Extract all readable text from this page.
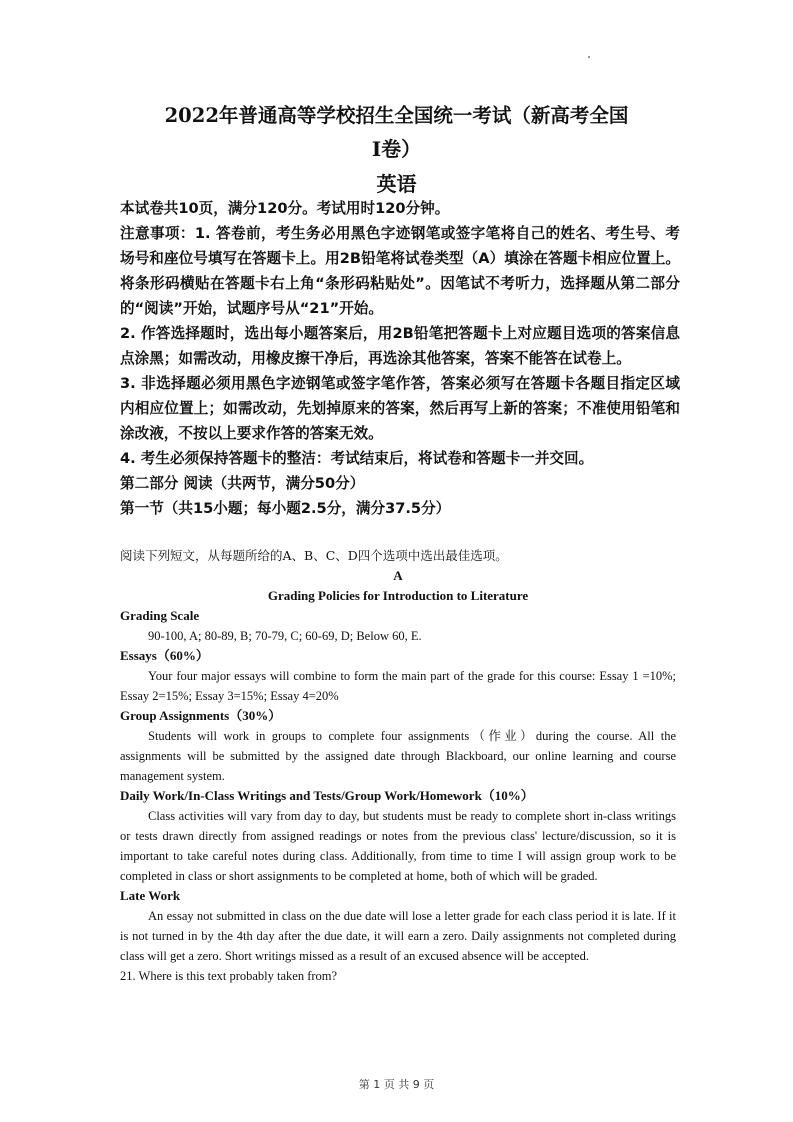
2022年普通高等学校招生全国统一考试（新高考全国
Ⅰ卷）
英语

本试卷共10页，满分120分。考试用时120分钟。

注意事项：1. 答卷前，考生务必用黑色字迹钢笔或签字笔将自己的姓名、考生号、考场号和座位号填写在答题卡上。用2B铅笔将试卷类型（A）填涂在答题卡相应位置上。将条形码横贴在答题卡右上角“条形码粘贴处”。因笔试不考听力，选择题从第二部分的“阅读”开始，试题序号从“21”开始。

2. 作答选择题时，选出每小题答案后，用2B铅笔把答题卡上对应题目选项的答案信息点涂黑；如需改动，用橡皮擦干净后，再选涂其他答案，答案不能答在试卷上。

3. 非选择题必须用黑色字迹钢笔或签字笔作答，答案必须写在答题卡各题目指定区域内相应位置上；如需改动，先划掉原来的答案，然后再写上新的答案；不准使用铅笔和涂改液，不按以上要求作答的答案无效。

4. 考生必须保持答题卡的整洁：考试结束后，将试卷和答题卡一并交回。

第二部分 阅读（共两节，满分50分）

第一节（共15小题；每小题2.5分，满分37.5分）

阅读下列短文，从每题所给的A、B、C、D四个选项中选出最佳选项。

A

Grading Policies for Introduction to Literature

Grading Scale

90-100, A; 80-89, B; 70-79, C; 60-69, D; Below 60, E.

Essays（60%）

Your four major essays will combine to form the main part of the grade for this course: Essay 1 =10%; Essay 2=15%; Essay 3=15%; Essay 4=20%

Group Assignments（30%）

Students will work in groups to complete four assignments（作业）during the course. All the assignments will be submitted by the assigned date through Blackboard, our online learning and course management system.

Daily Work/In-Class Writings and Tests/Group Work/Homework（10%）

Class activities will vary from day to day, but students must be ready to complete short in-class writings or tests drawn directly from assigned readings or notes from the previous class' lecture/discussion, so it is important to take careful notes during class. Additionally, from time to time I will assign group work to be completed in class or short assignments to be completed at home, both of which will be graded.

Late Work

An essay not submitted in class on the due date will lose a letter grade for each class period it is late. If it is not turned in by the 4th day after the due date, it will earn a zero. Daily assignments not completed during class will get a zero. Short writings missed as a result of an excused absence will be accepted.

21. Where is this text probably taken from?

第 1 页 共 9 页
